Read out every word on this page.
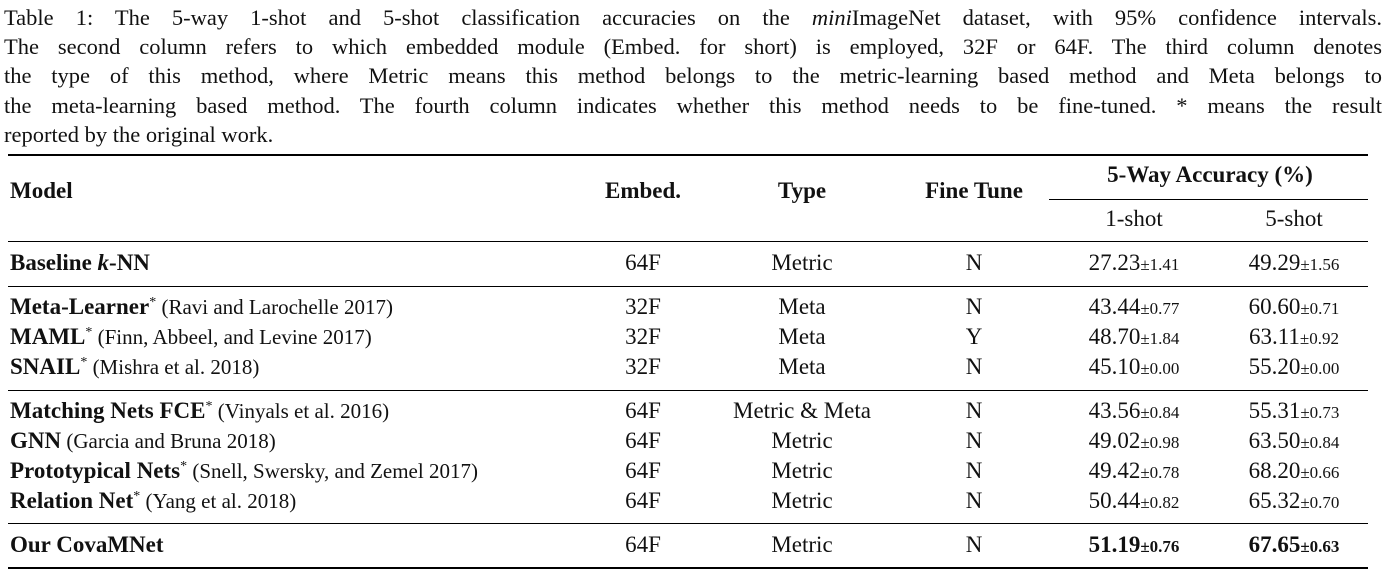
Table 1: The 5-way 1-shot and 5-shot classification accuracies on the miniImageNet dataset, with 95% confidence intervals.
The second column refers to which embedded module (Embed. for short) is employed, 32F or 64F. The third column denotes
the type of this method, where Metric means this method belongs to the metric-learning based method and Meta belongs to
the meta-learning based method. The fourth column indicates whether this method needs to be fine-tuned. * means the result
reported by the original work.
Model	Embed.	Type	Fine Tune
5-Way Accuracy (%)
1-shot	5-shot
Baseline k-NN	64F	Metric	N	27.23±1.41	49.29±1.56
Meta-Learner* (Ravi and Larochelle 2017)	32F	Meta	N	43.44±0.77	60.60±0.71
MAML* (Finn, Abbeel, and Levine 2017)	32F	Meta	Y	48.70±1.84	63.11±0.92
SNAIL* (Mishra et al. 2018)	32F	Meta	N	45.10±0.00	55.20±0.00
Matching Nets FCE* (Vinyals et al. 2016)	64F	Metric & Meta	N	43.56±0.84	55.31±0.73
GNN (Garcia and Bruna 2018)	64F	Metric	N	49.02±0.98	63.50±0.84
Prototypical Nets* (Snell, Swersky, and Zemel 2017)	64F	Metric	N	49.42±0.78	68.20±0.66
Relation Net* (Yang et al. 2018)	64F	Metric	N	50.44±0.82	65.32±0.70
Our CovaMNet	64F	Metric	N	51.19±0.76	67.65±0.63
